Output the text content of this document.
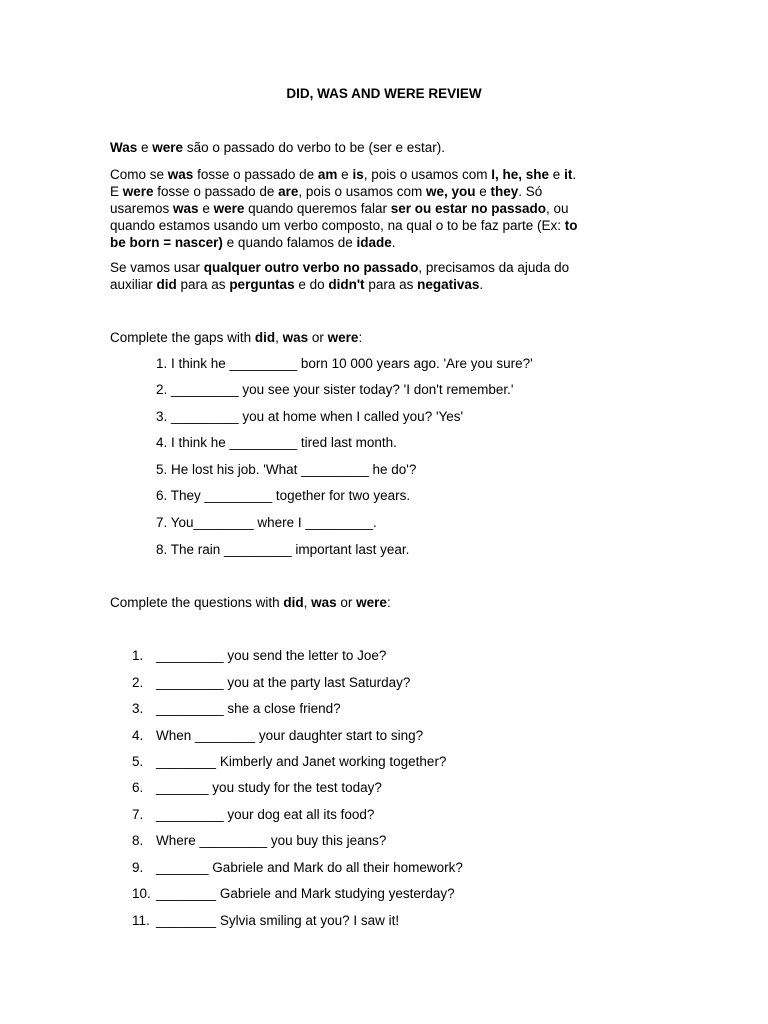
DID, WAS AND WERE REVIEW
Was e were são o passado do verbo to be (ser e estar).
Como se was fosse o passado de am e is, pois o usamos com I, he, she e it.
E were fosse o passado de are, pois o usamos com we, you e they. Só
usaremos was e were quando queremos falar ser ou estar no passado, ou
quando estamos usando um verbo composto, na qual o to be faz parte (Ex: to
be born = nascer) e quando falamos de idade.
Se vamos usar qualquer outro verbo no passado, precisamos da ajuda do
auxiliar did para as perguntas e do didn't para as negativas.
Complete the gaps with did, was or were:
1. I think he _________ born 10 000 years ago. 'Are you sure?'
2. _________ you see your sister today? 'I don't remember.'
3. _________ you at home when I called you? 'Yes'
4. I think he _________ tired last month.
5. He lost his job. 'What _________ he do'?
6. They _________ together for two years.
7. You________ where I _________.
8. The rain _________ important last year.
Complete the questions with did, was or were:
1. _________ you send the letter to Joe?
2. _________ you at the party last Saturday?
3. _________ she a close friend?
4. When ________ your daughter start to sing?
5. ________ Kimberly and Janet working together?
6. _______ you study for the test today?
7. _________ your dog eat all its food?
8. Where _________ you buy this jeans?
9. _______ Gabriele and Mark do all their homework?
10. ________ Gabriele and Mark studying yesterday?
11. ________ Sylvia smiling at you? I saw it!
